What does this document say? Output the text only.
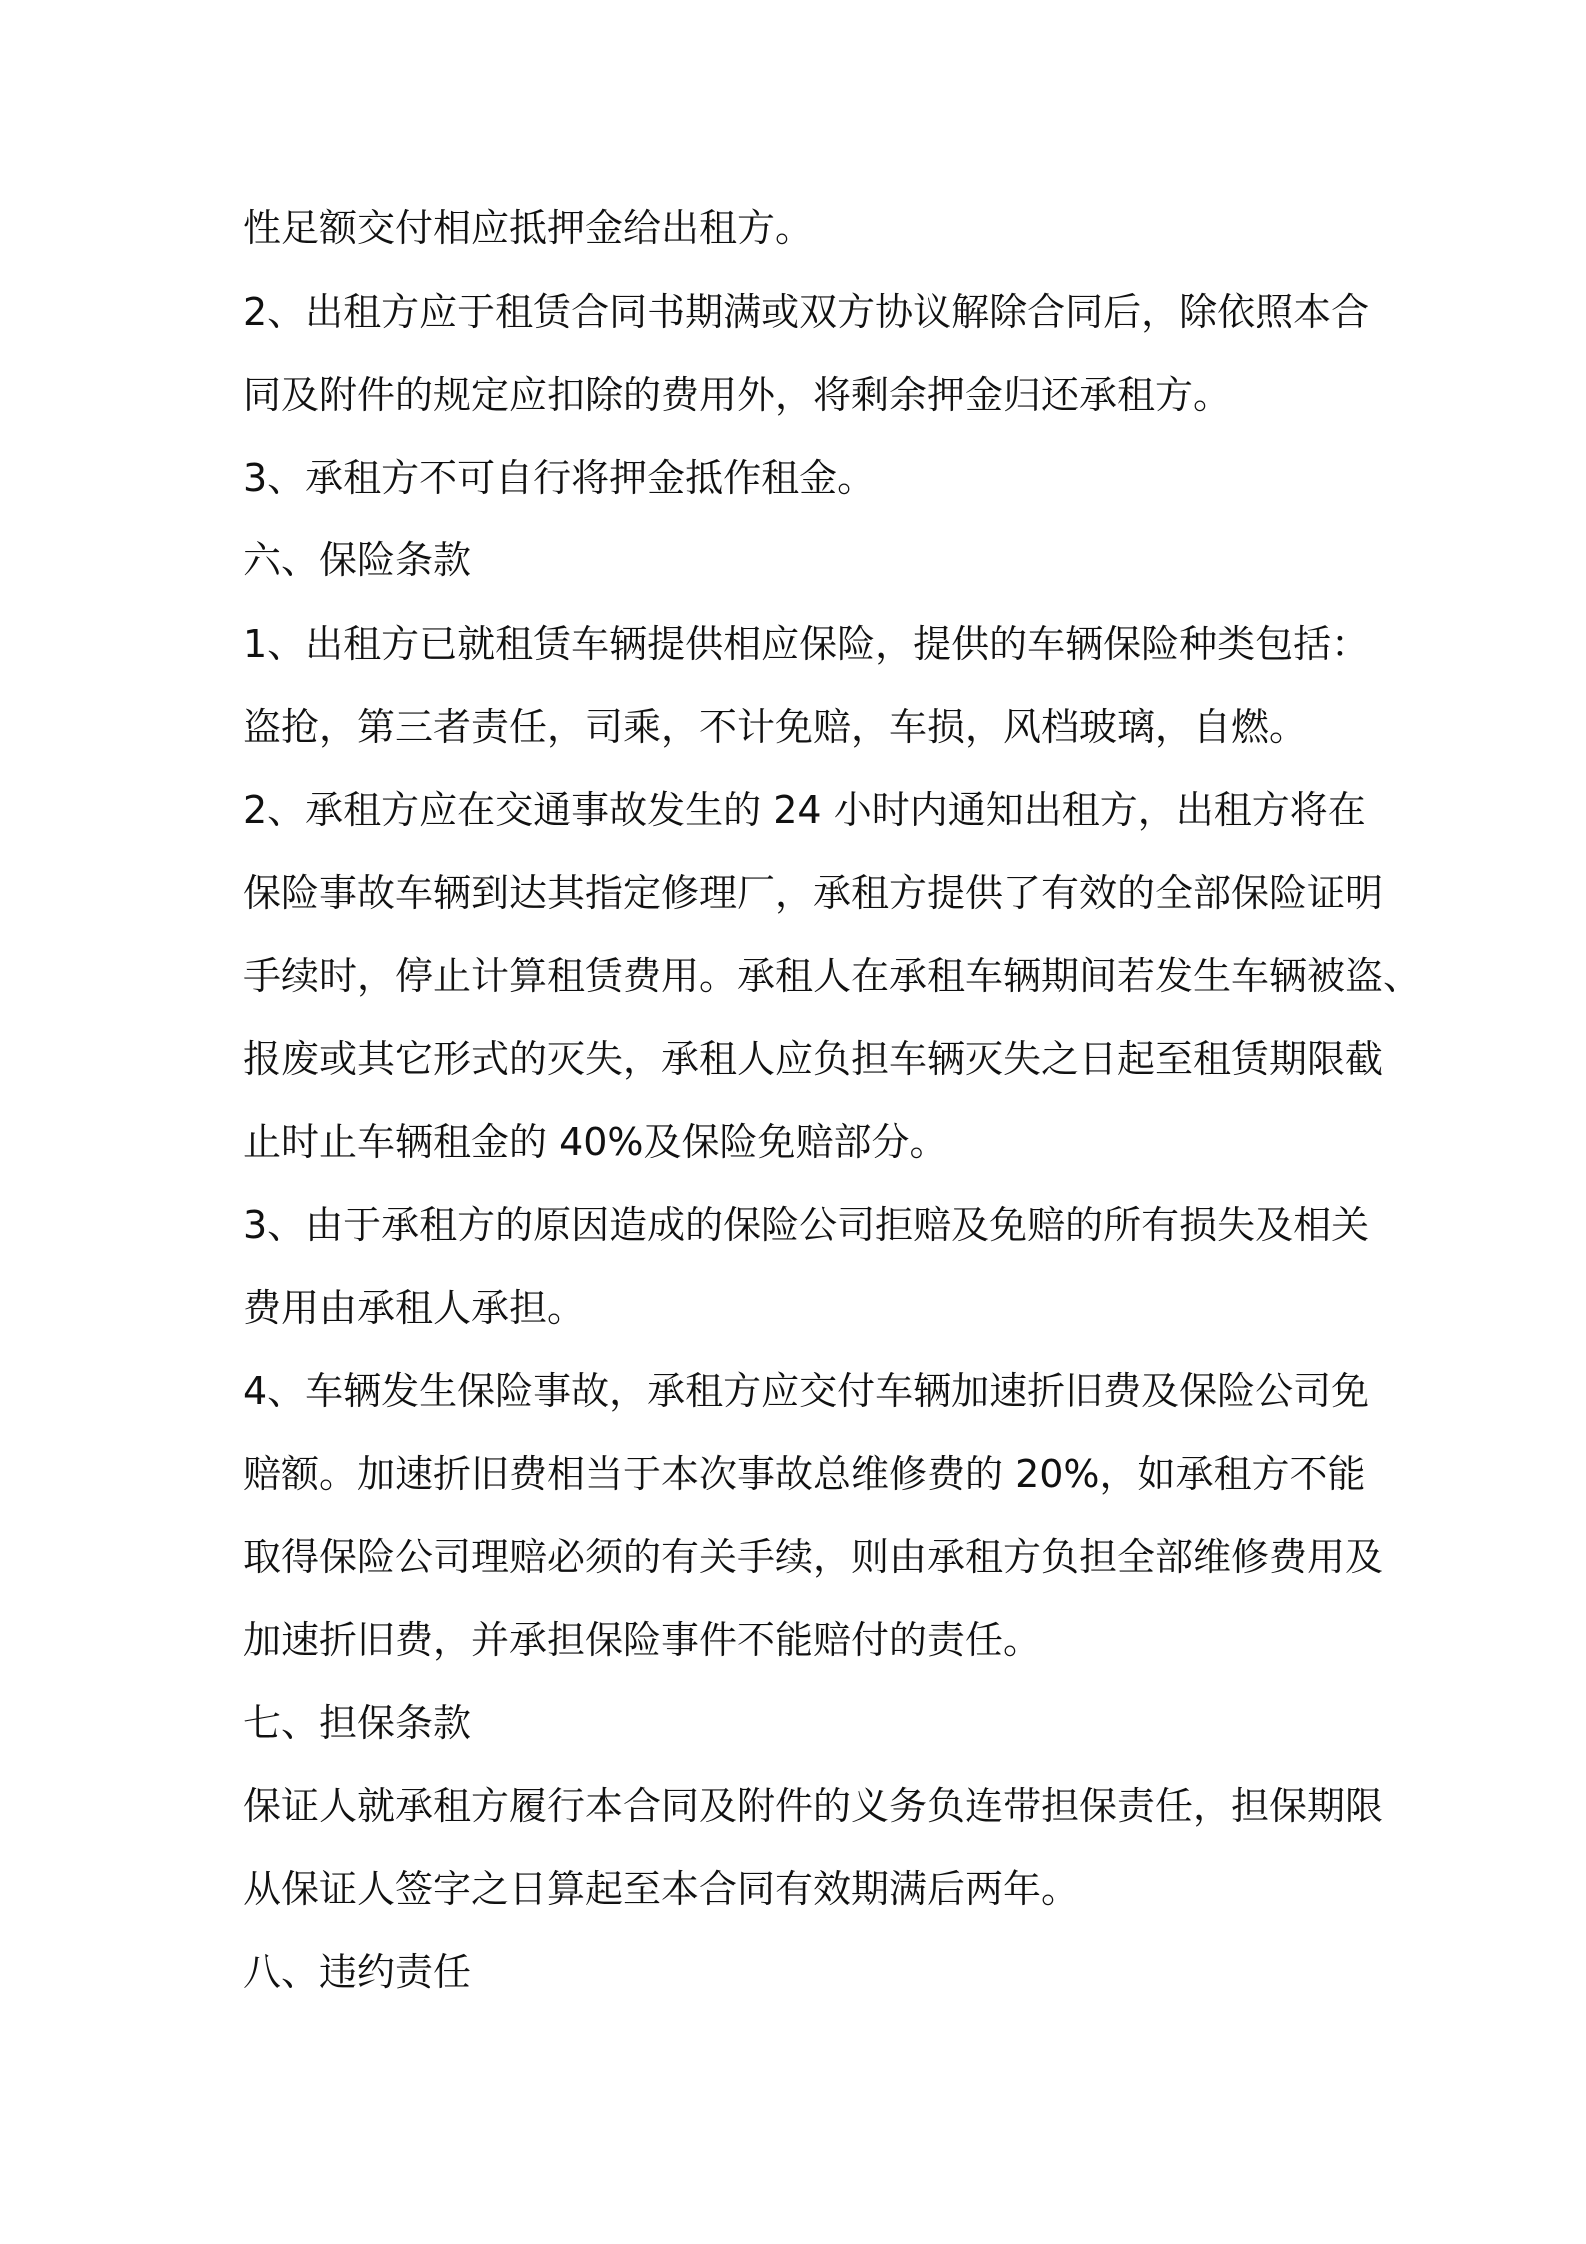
性足额交付相应抵押金给出租方。
2、出租方应于租赁合同书期满或双方协议解除合同后，除依照本合
同及附件的规定应扣除的费用外，将剩余押金归还承租方。
3、承租方不可自行将押金抵作租金。
六、保险条款
1、出租方已就租赁车辆提供相应保险，提供的车辆保险种类包括：
盗抢，第三者责任，司乘，不计免赔，车损，风档玻璃，自燃。
2、承租方应在交通事故发生的 24 小时内通知出租方，出租方将在
保险事故车辆到达其指定修理厂，承租方提供了有效的全部保险证明
手续时，停止计算租赁费用。承租人在承租车辆期间若发生车辆被盗、
报废或其它形式的灭失，承租人应负担车辆灭失之日起至租赁期限截
止时止车辆租金的 40%及保险免赔部分。
3、由于承租方的原因造成的保险公司拒赔及免赔的所有损失及相关
费用由承租人承担。
4、车辆发生保险事故，承租方应交付车辆加速折旧费及保险公司免
赔额。加速折旧费相当于本次事故总维修费的 20%，如承租方不能
取得保险公司理赔必须的有关手续，则由承租方负担全部维修费用及
加速折旧费，并承担保险事件不能赔付的责任。
七、担保条款
保证人就承租方履行本合同及附件的义务负连带担保责任，担保期限
从保证人签字之日算起至本合同有效期满后两年。
八、违约责任
